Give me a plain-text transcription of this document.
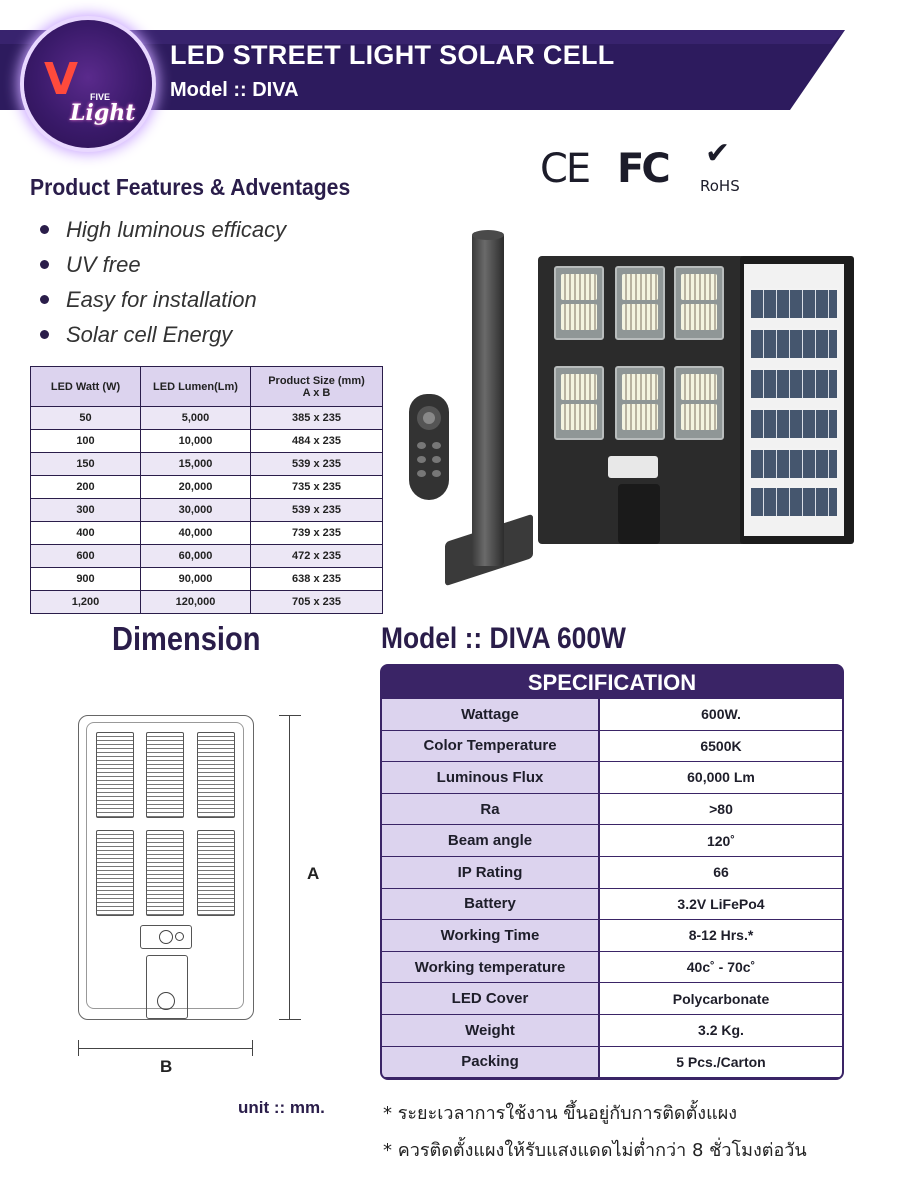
V FIVE
Light
LED STREET LIGHT SOLAR CELL
Model :: DIVA
CE FC ✔
RoHS
Product Features & Adventages
High luminous efficacy
UV free
Easy for installation
Solar cell Energy
LED Watt (W)	LED Lumen(Lm)	Product Size (mm)
A x B
50	5,000	385 x 235
100	10,000	484 x 235
150	15,000	539 x 235
200	20,000	735 x 235
300	30,000	539 x 235
400	40,000	739 x 235
600	60,000	472 x 235
900	90,000	638 x 235
1,200	120,000	705 x 235
Dimension	Model :: DIVA 600W
A
B
unit :: mm.
SPECIFICATION
Wattage	600W.
Color Temperature	6500K
Luminous Flux	60,000 Lm
Ra	>80
Beam angle	120˚
IP Rating	66
Battery	3.2V LiFePo4
Working Time	8-12 Hrs.*
Working temperature	40c˚ - 70c˚
LED Cover	Polycarbonate
Weight	3.2 Kg.
Packing	5 Pcs./Carton
* ระยะเวลาการใช้งาน ขึ้นอยู่กับการติดตั้งแผง
* ควรติดตั้งแผงให้รับแสงแดดไม่ต่ำกว่า 8 ชั่วโมงต่อวัน
